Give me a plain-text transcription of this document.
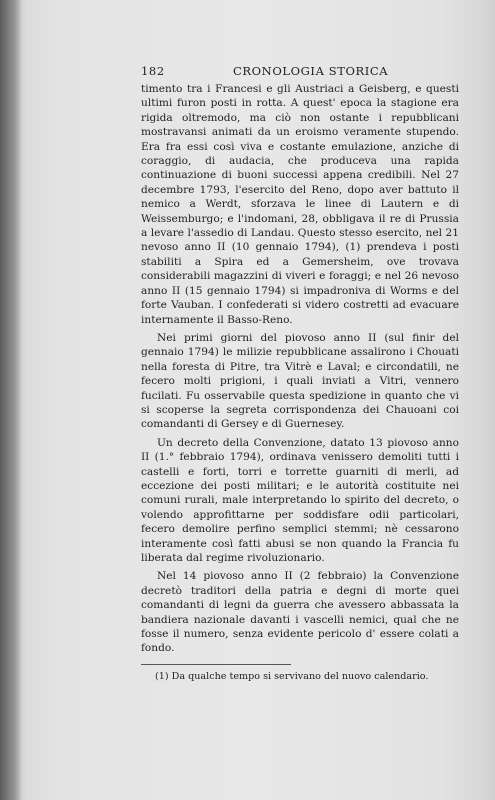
182	CRONOLOGIA STORICA

timento tra i Francesi e gli Austriaci a Geisberg, e questi ultimi furon posti in rotta. A quest' epoca la stagione era rigida oltremodo, ma ciò non ostante i repubblicani mostravansi animati da un eroismo veramente stupendo. Era fra essi così viva e costante emulazione, anziche di coraggio, di audacia, che produceva una rapida continuazione di buoni successi appena credibili. Nel 27 decembre 1793, l'esercito del Reno, dopo aver battuto il nemico a Werdt, sforzava le linee di Lautern e di Weissemburgo; e l'indomani, 28, obbligava il re di Prussia a levare l'assedio di Landau. Questo stesso esercito, nel 21 nevoso anno II (10 gennaio 1794), (1) prendeva i posti stabiliti a Spira ed a Gemersheim, ove trovava considerabili magazzini di viveri e foraggi; e nel 26 nevoso anno II (15 gennaio 1794) si impadroniva di Worms e del forte Vauban. I confederati si videro costretti ad evacuare internamente il Basso-Reno.

Nei primi giorni del piovoso anno II (sul finir del gennaio 1794) le milizie repubblicane assalirono i Chouati nella foresta di Pitre, tra Vitrè e Laval; e circondatili, ne fecero molti prigioni, i quali inviati a Vitri, vennero fucilati. Fu osservabile questa spedizione in quanto che vi si scoperse la segreta corrispondenza dei Chauoani coi comandanti di Gersey e di Guernesey.

Un decreto della Convenzione, datato 13 piovoso anno II (1.° febbraio 1794), ordinava venissero demoliti tutti i castelli e forti, torri e torrette guarniti di merli, ad eccezione dei posti militari; e le autorità costituite nei comuni rurali, male interpretando lo spirito del decreto, o volendo approfittarne per soddisfare odii particolari, fecero demolire perfino semplici stemmi; nè cessarono interamente così fatti abusi se non quando la Francia fu liberata dal regime rivoluzionario.

Nel 14 piovoso anno II (2 febbraio) la Convenzione decretò traditori della patria e degni di morte quei comandanti di legni da guerra che avessero abbassata la bandiera nazionale davanti i vascelli nemici, qual che ne fosse il numero, senza evidente pericolo d' essere colati a fondo.

(1) Da qualche tempo si servivano del nuovo calendario.
